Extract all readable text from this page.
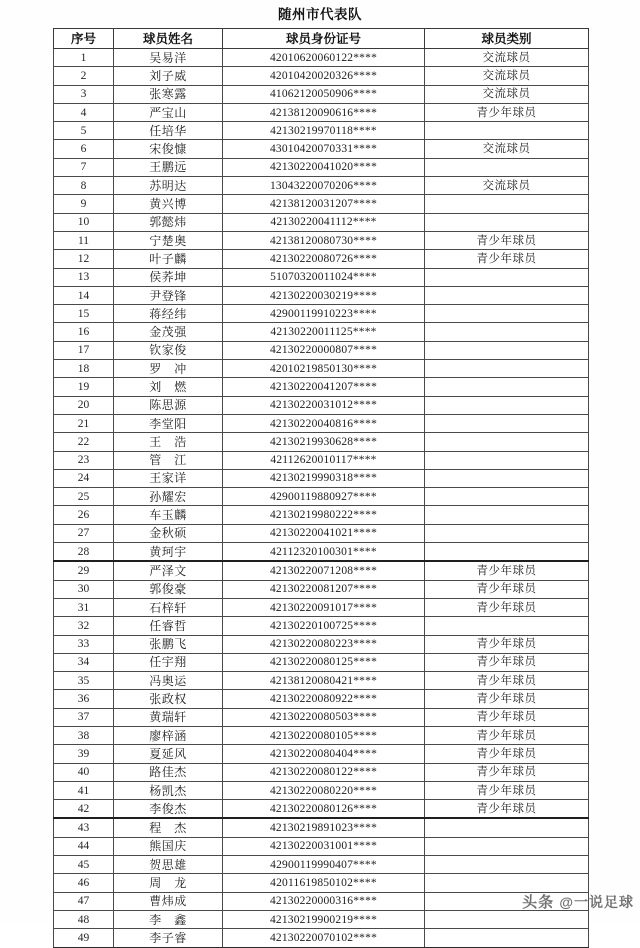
随州市代表队
序号	球员姓名	球员身份证号	球员类别
1	吴易洋	42010620060122****	交流球员
2	刘子威	42010420020326****	交流球员
3	张寒露	41062120050906****	交流球员
4	严宝山	42138120090616****	青少年球员
5	任培华	42130219970118****	
6	宋俊慷	43010420070331****	交流球员
7	王鹏远	42130220041020****	
8	苏明达	13043220070206****	交流球员
9	黄兴博	42138120031207****	
10	郭懿炜	42130220041112****	
11	宁楚奥	42138120080730****	青少年球员
12	叶子麟	42130220080726****	青少年球员
13	侯荞坤	51070320011024****	
14	尹登锋	42130220030219****	
15	蒋经纬	42900119910223****	
16	金茂强	42130220011125****	
17	钦家俊	42130220000807****	
18	罗　冲	42010219850130****	
19	刘　燃	42130220041207****	
20	陈思源	42130220031012****	
21	李堂阳	42130220040816****	
22	王　浩	42130219930628****	
23	管　江	42112620010117****	
24	王家详	42130219990318****	
25	孙耀宏	42900119880927****	
26	车玉麟	42130219980222****	
27	金秋硕	42130220041021****	
28	黄珂宇	42112320100301****	
29	严泽文	42130220071208****	青少年球员
30	郭俊豪	42130220081207****	青少年球员
31	石梓轩	42130220091017****	青少年球员
32	任睿哲	42130220100725****	
33	张鹏飞	42130220080223****	青少年球员
34	任宇翔	42130220080125****	青少年球员
35	冯奥运	42138120080421****	青少年球员
36	张政权	42130220080922****	青少年球员
37	黄瑞轩	42130220080503****	青少年球员
38	廖梓涵	42130220080105****	青少年球员
39	夏延风	42130220080404****	青少年球员
40	路佳杰	42130220080122****	青少年球员
41	杨凯杰	42130220080220****	青少年球员
42	李俊杰	42130220080126****	青少年球员
43	程　杰	42130219891023****	
44	熊国庆	42130220031001****	
45	贺思雄	42900119990407****	
46	周　龙	42011619850102****	
47	曹炜成	42130220000316****	
48	李　鑫	42130219900219****	
49	李子睿	42130220070102****	
头条 @一说足球
